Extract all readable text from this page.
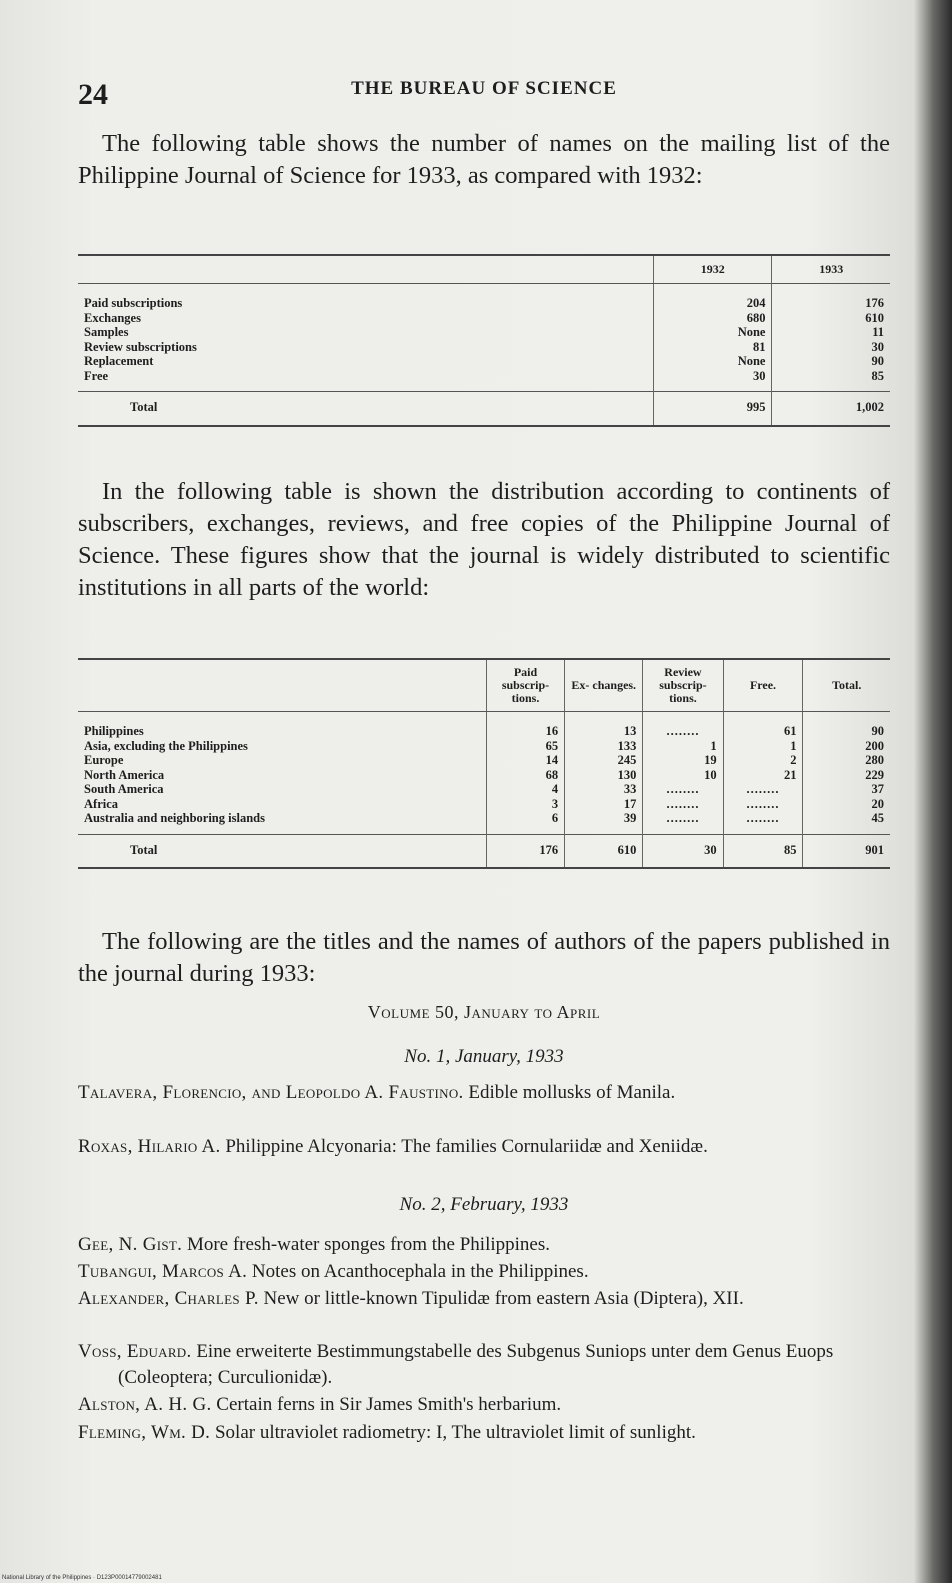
24	THE BUREAU OF SCIENCE

The following table shows the number of names on the mailing list of the Philippine Journal of Science for 1933, as compared with 1932:

	1932	1933
Paid subscriptions	204	176
Exchanges	680	610
Samples	None	11
Review subscriptions	81	30
Replacement	None	90
Free	30	85
Total	995	1,002

In the following table is shown the distribution according to continents of subscribers, exchanges, reviews, and free copies of the Philippine Journal of Science. These figures show that the journal is widely distributed to scientific institutions in all parts of the world:

	Paid subscrip- tions.	Ex- changes.	Review subscrip- tions.	Free.	Total.
Philippines	16	13	........	61	90
Asia, excluding the Philippines	65	133	1	1	200
Europe	14	245	19	2	280
North America	68	130	10	21	229
South America	4	33	........	........	37
Africa	3	17	........	........	20
Australia and neighboring islands	6	39	........	........	45
Total	176	610	30	85	901

The following are the titles and the names of authors of the papers published in the journal during 1933:

Volume 50, January to April
No. 1, January, 1933

Talavera, Florencio, and Leopoldo A. Faustino. Edible mollusks of Manila.

Roxas, Hilario A. Philippine Alcyonaria: The families Cornulariidæ and Xeniidæ.

No. 2, February, 1933

Gee, N. Gist. More fresh-water sponges from the Philippines.

Tubangui, Marcos A. Notes on Acanthocephala in the Philippines.

Alexander, Charles P. New or little-known Tipulidæ from eastern Asia (Diptera), XII.

Voss, Eduard. Eine erweiterte Bestimmungstabelle des Subgenus Suniops unter dem Genus Euops (Coleoptera; Curculionidæ).

Alston, A. H. G. Certain ferns in Sir James Smith's herbarium.

Fleming, Wm. D. Solar ultraviolet radiometry: I, The ultraviolet limit of sunlight.

National Library of the Philippines · D123P00014779002481
